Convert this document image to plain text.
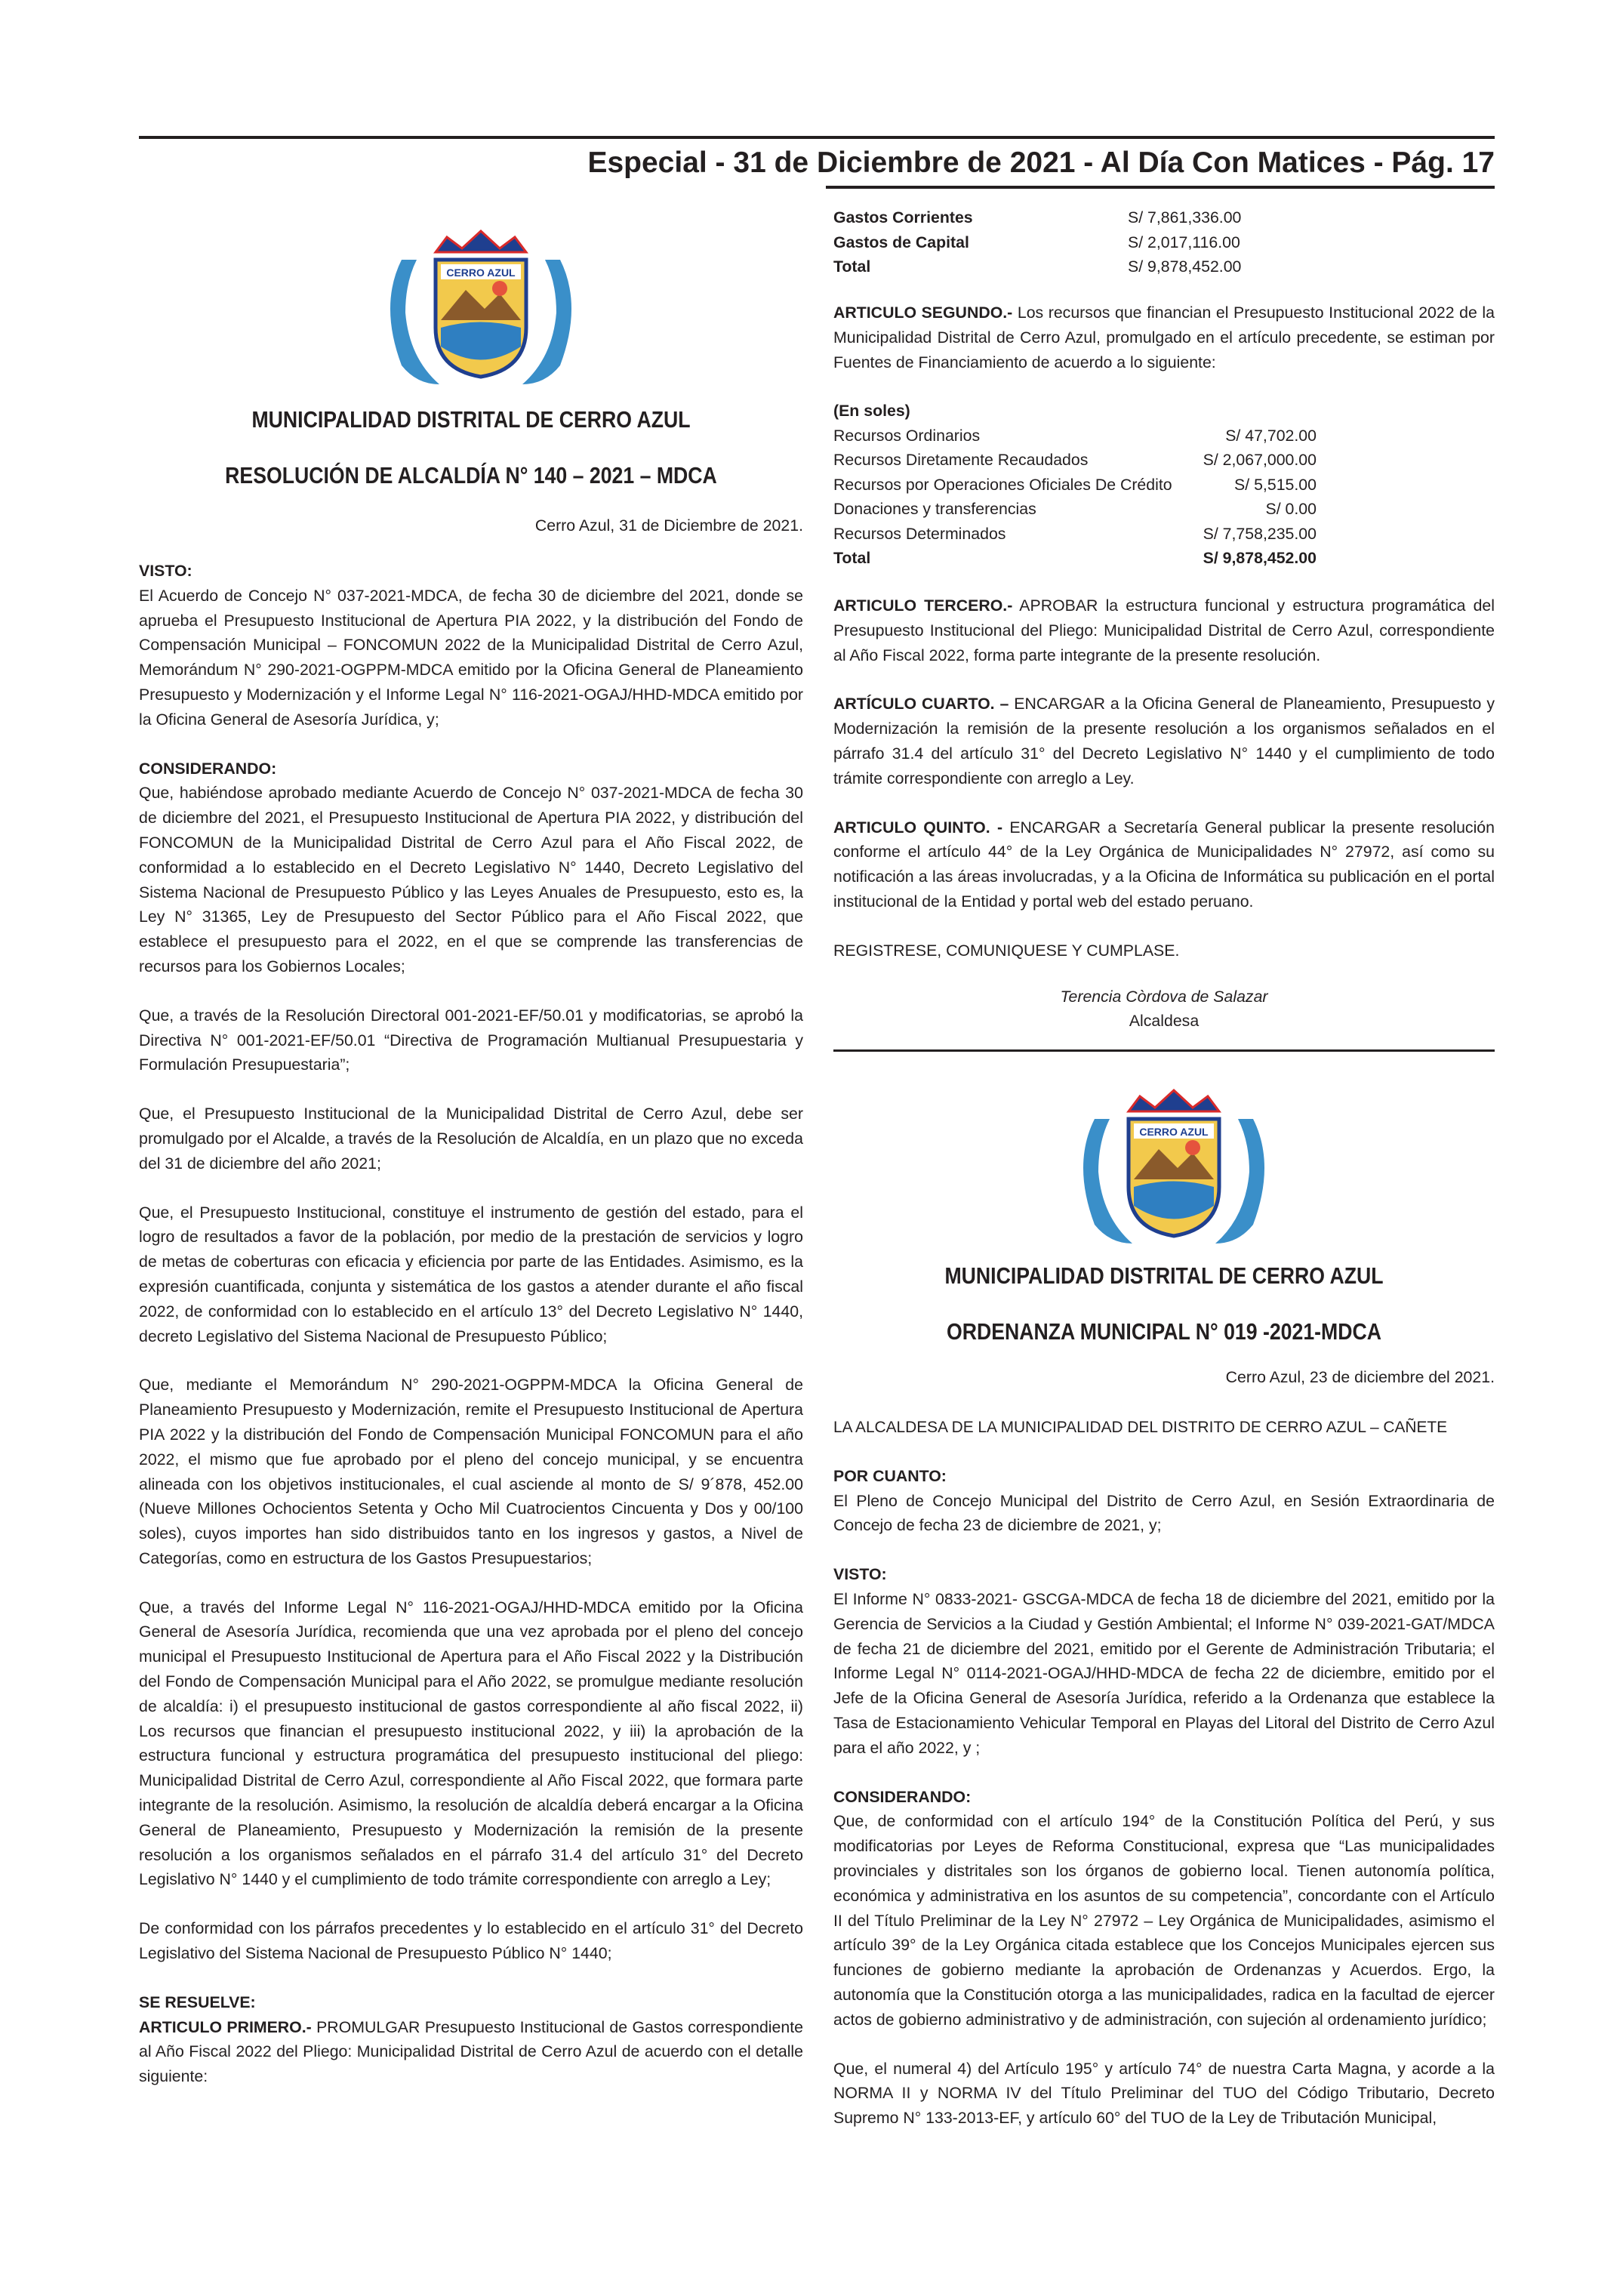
Especial - 31 de Diciembre de 2021 - Al Día Con Matices - Pág. 17
CERRO AZUL
MUNICIPALIDAD DISTRITAL DE CERRO AZUL
RESOLUCIÓN DE ALCALDÍA N° 140 – 2021 – MDCA
Cerro Azul, 31 de Diciembre de 2021.
VISTO:

El Acuerdo de Concejo N° 037-2021-MDCA, de fecha 30 de diciembre del 2021, donde se aprueba el Presupuesto Institucional de Apertura PIA 2022, y la distribución del Fondo de Compensación Municipal – FONCOMUN 2022 de la Municipalidad Distrital de Cerro Azul, Memorándum N° 290-2021-OGPPM-MDCA emitido por la Oficina General de Planeamiento Presupuesto y Modernización y el Informe Legal N° 116-2021-OGAJ/HHD-MDCA emitido por la Oficina General de Asesoría Jurídica, y;

CONSIDERANDO:

Que, habiéndose aprobado mediante Acuerdo de Concejo N° 037-2021-MDCA de fecha 30 de diciembre del 2021, el Presupuesto Institucional de Apertura PIA 2022, y distribución del FONCOMUN de la Municipalidad Distrital de Cerro Azul para el Año Fiscal 2022, de conformidad a lo establecido en el Decreto Legislativo N° 1440, Decreto Legislativo del Sistema Nacional de Presupuesto Público y las Leyes Anuales de Presupuesto, esto es, la Ley N° 31365, Ley de Presupuesto del Sector Público para el Año Fiscal 2022, que establece el presupuesto para el 2022, en el que se comprende las transferencias de recursos para los Gobiernos Locales;

Que, a través de la Resolución Directoral 001-2021-EF/50.01 y modificatorias, se aprobó la Directiva N° 001-2021-EF/50.01 “Directiva de Programación Multianual Presupuestaria y Formulación Presupuestaria”;

Que, el Presupuesto Institucional de la Municipalidad Distrital de Cerro Azul, debe ser promulgado por el Alcalde, a través de la Resolución de Alcaldía, en un plazo que no exceda del 31 de diciembre del año 2021;

Que, el Presupuesto Institucional, constituye el instrumento de gestión del estado, para el logro de resultados a favor de la población, por medio de la prestación de servicios y logro de metas de coberturas con eficacia y eficiencia por parte de las Entidades. Asimismo, es la expresión cuantificada, conjunta y sistemática de los gastos a atender durante el año fiscal 2022, de conformidad con lo establecido en el artículo 13° del Decreto Legislativo N° 1440, decreto Legislativo del Sistema Nacional de Presupuesto Público;

Que, mediante el Memorándum N° 290-2021-OGPPM-MDCA la Oficina General de Planeamiento Presupuesto y Modernización, remite el Presupuesto Institucional de Apertura PIA 2022 y la distribución del Fondo de Compensación Municipal FONCOMUN para el año 2022, el mismo que fue aprobado por el pleno del concejo municipal, y se encuentra alineada con los objetivos institucionales, el cual asciende al monto de S/ 9´878, 452.00 (Nueve Millones Ochocientos Setenta y Ocho Mil Cuatrocientos Cincuenta y Dos y 00/100 soles), cuyos importes han sido distribuidos tanto en los ingresos y gastos, a Nivel de Categorías, como en estructura de los Gastos Presupuestarios;

Que, a través del Informe Legal N° 116-2021-OGAJ/HHD-MDCA emitido por la Oficina General de Asesoría Jurídica, recomienda que una vez aprobada por el pleno del concejo municipal el Presupuesto Institucional de Apertura para el Año Fiscal 2022 y la Distribución del Fondo de Compensación Municipal para el Año 2022, se promulgue mediante resolución de alcaldía: i) el presupuesto institucional de gastos correspondiente al año fiscal 2022, ii) Los recursos que financian el presupuesto institucional 2022, y iii) la aprobación de la estructura funcional y estructura programática del presupuesto institucional del pliego: Municipalidad Distrital de Cerro Azul, correspondiente al Año Fiscal 2022, que formara parte integrante de la resolución. Asimismo, la resolución de alcaldía deberá encargar a la Oficina General de Planeamiento, Presupuesto y Modernización la remisión de la presente resolución a los organismos señalados en el párrafo 31.4 del artículo 31° del Decreto Legislativo N° 1440 y el cumplimiento de todo trámite correspondiente con arreglo a Ley;

De conformidad con los párrafos precedentes y lo establecido en el artículo 31° del Decreto Legislativo del Sistema Nacional de Presupuesto Público N° 1440;

SE RESUELVE:

ARTICULO PRIMERO.- PROMULGAR Presupuesto Institucional de Gastos correspondiente al Año Fiscal 2022 del Pliego: Municipalidad Distrital de Cerro Azul de acuerdo con el detalle siguiente:

Gastos Corrientes	S/ 7,861,336.00
Gastos de Capital	S/ 2,017,116.00
Total	S/ 9,878,452.00

ARTICULO SEGUNDO.- Los recursos que financian el Presupuesto Institucional 2022 de la Municipalidad Distrital de Cerro Azul, promulgado en el artículo precedente, se estiman por Fuentes de Financiamiento de acuerdo a lo siguiente:

(En soles)
Recursos Ordinarios	S/ 47,702.00
Recursos Diretamente Recaudados	S/ 2,067,000.00
Recursos por Operaciones Oficiales De Crédito	S/ 5,515.00
Donaciones y transferencias	S/ 0.00
Recursos Determinados	S/ 7,758,235.00
Total	S/ 9,878,452.00

ARTICULO TERCERO.- APROBAR la estructura funcional y estructura programática del Presupuesto Institucional del Pliego: Municipalidad Distrital de Cerro Azul, correspondiente al Año Fiscal 2022, forma parte integrante de la presente resolución.

ARTÍCULO CUARTO. – ENCARGAR a la Oficina General de Planeamiento, Presupuesto y Modernización la remisión de la presente resolución a los organismos señalados en el párrafo 31.4 del artículo 31° del Decreto Legislativo N° 1440 y el cumplimiento de todo trámite correspondiente con arreglo a Ley.

ARTICULO QUINTO. - ENCARGAR a Secretaría General publicar la presente resolución conforme el artículo 44° de la Ley Orgánica de Municipalidades N° 27972, así como su notificación a las áreas involucradas, y a la Oficina de Informática su publicación en el portal institucional de la Entidad y portal web del estado peruano.

REGISTRESE, COMUNIQUESE Y CUMPLASE.

Terencia Còrdova de Salazar
Alcaldesa
CERRO AZUL
MUNICIPALIDAD DISTRITAL DE CERRO AZUL
ORDENANZA MUNICIPAL N° 019 -2021-MDCA
Cerro Azul, 23 de diciembre del 2021.

LA ALCALDESA DE LA MUNICIPALIDAD DEL DISTRITO DE CERRO AZUL – CAÑETE

POR CUANTO:

El Pleno de Concejo Municipal del Distrito de Cerro Azul, en Sesión Extraordinaria de Concejo de fecha 23 de diciembre de 2021, y;

VISTO:

El Informe N° 0833-2021- GSCGA-MDCA de fecha 18 de diciembre del 2021, emitido por la Gerencia de Servicios a la Ciudad y Gestión Ambiental; el Informe N° 039-2021-GAT/MDCA de fecha 21 de diciembre del 2021, emitido por el Gerente de Administración Tributaria; el Informe Legal N° 0114-2021-OGAJ/HHD-MDCA de fecha 22 de diciembre, emitido por el Jefe de la Oficina General de Asesoría Jurídica, referido a la Ordenanza que establece la Tasa de Estacionamiento Vehicular Temporal en Playas del Litoral del Distrito de Cerro Azul para el año 2022, y ;

CONSIDERANDO:

Que, de conformidad con el artículo 194° de la Constitución Política del Perú, y sus modificatorias por Leyes de Reforma Constitucional, expresa que “Las municipalidades provinciales y distritales son los órganos de gobierno local. Tienen autonomía política, económica y administrativa en los asuntos de su competencia”, concordante con el Artículo II del Título Preliminar de la Ley N° 27972 – Ley Orgánica de Municipalidades, asimismo el artículo 39° de la Ley Orgánica citada establece que los Concejos Municipales ejercen sus funciones de gobierno mediante la aprobación de Ordenanzas y Acuerdos. Ergo, la autonomía que la Constitución otorga a las municipalidades, radica en la facultad de ejercer actos de gobierno administrativo y de administración, con sujeción al ordenamiento jurídico;

Que, el numeral 4) del Artículo 195° y artículo 74° de nuestra Carta Magna, y acorde a la NORMA II y NORMA IV del Título Preliminar del TUO del Código Tributario, Decreto Supremo N° 133-2013-EF, y artículo 60° del TUO de la Ley de Tributación Municipal,
